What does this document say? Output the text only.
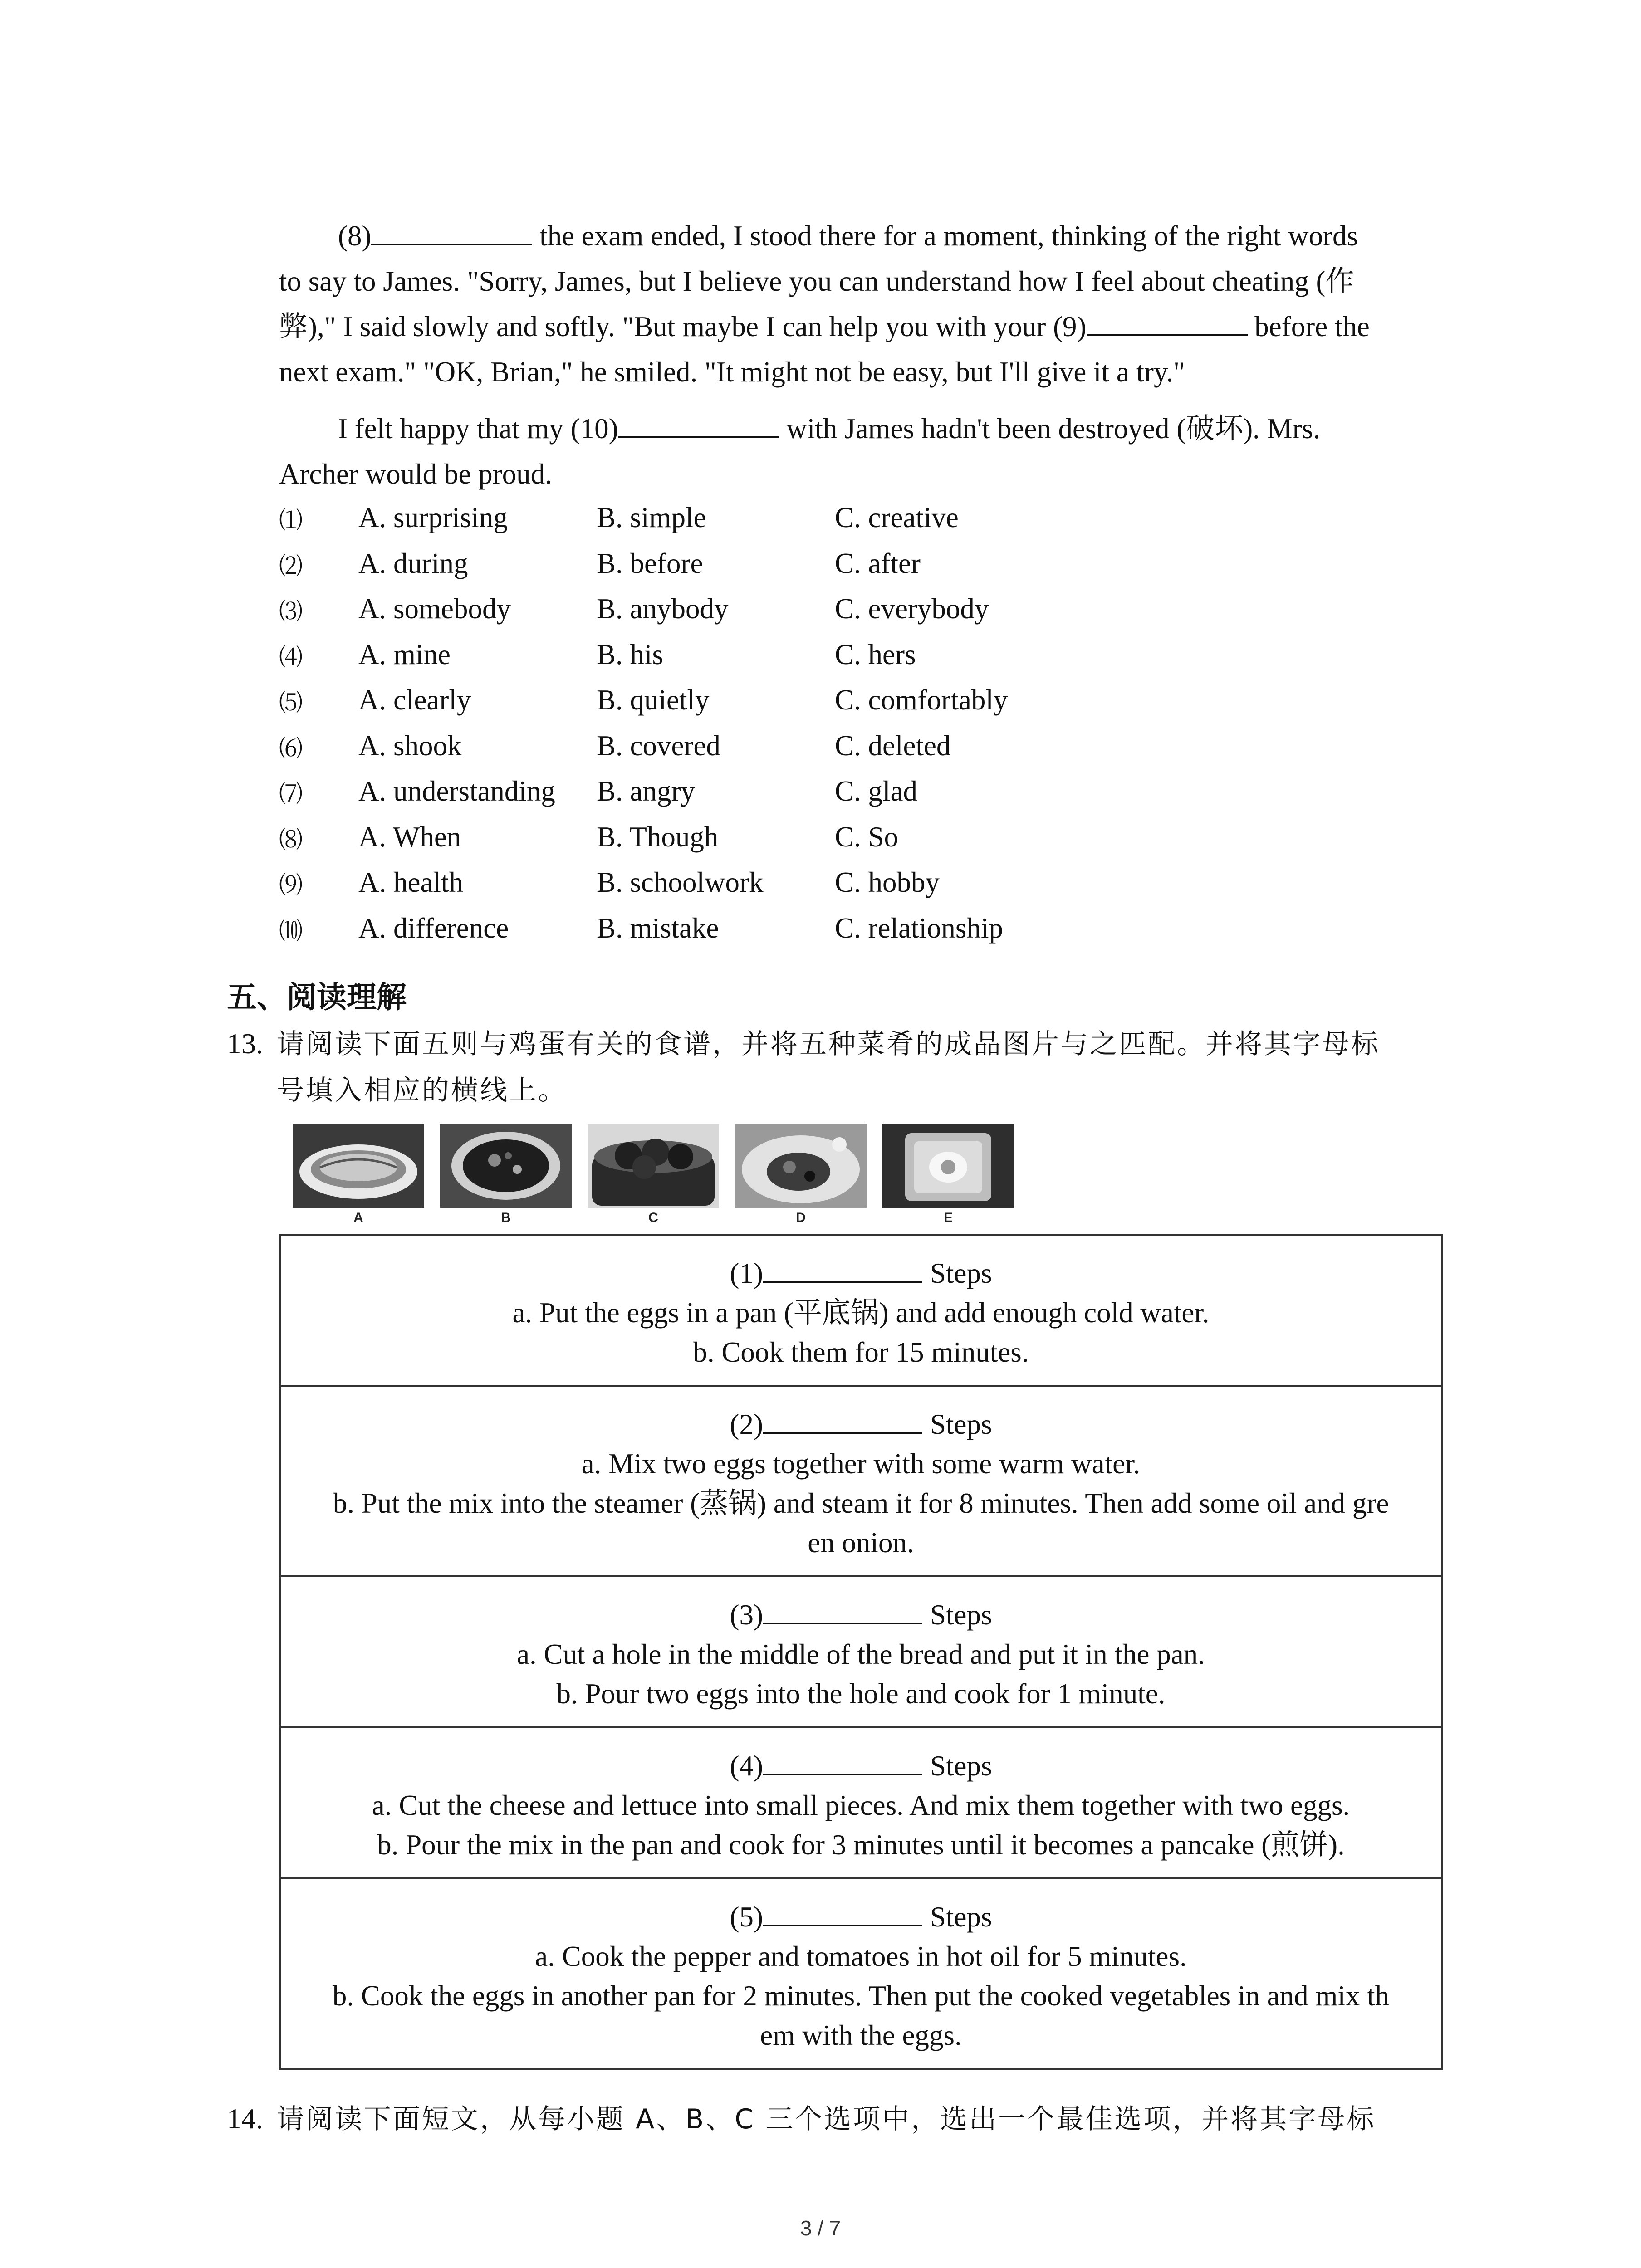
(8)	the exam ended, I stood there for a moment, thinking of the right words
to say to James. "Sorry, James, but I believe you can understand how I feel about cheating (作
弊)," I said slowly and softly. "But maybe I can help you with your (9)	before the
next exam." "OK, Brian," he smiled. "It might not be easy, but I'll give it a try."
I felt happy that my (10)	with James hadn't been destroyed (破坏). Mrs.
Archer would be proud.
⑴ A. surprising	B. simple	C. creative
⑵ A. during	B. before	C. after
⑶ A. somebody	B. anybody	C. everybody
⑷ A. mine	B. his	C. hers
⑸ A. clearly	B. quietly	C. comfortably
⑹ A. shook	B. covered	C. deleted
⑺ A. understanding B. angry	C. glad
⑻ A. When	B. Though	C. So
⑼ A. health	B. schoolwork	C. hobby
⑽ A. difference	B. mistake	C. relationship
五、阅读理解
13. 请阅读下面五则与鸡蛋有关的食谱，并将五种菜肴的成品图片与之匹配。并将其字母标
号填入相应的横线上。
A	B	C	D	E
(1)	Steps
a. Put the eggs in a pan (平底锅) and add enough cold water.
b. Cook them for 15 minutes.
(2)	Steps
a. Mix two eggs together with some warm water.
b. Put the mix into the steamer (蒸锅) and steam it for 8 minutes. Then add some oil and gre
en onion.
(3)	Steps
a. Cut a hole in the middle of the bread and put it in the pan.
b. Pour two eggs into the hole and cook for 1 minute.
(4)	Steps
a. Cut the cheese and lettuce into small pieces. And mix them together with two eggs.
b. Pour the mix in the pan and cook for 3 minutes until it becomes a pancake (煎饼).
(5)	Steps
a. Cook the pepper and tomatoes in hot oil for 5 minutes.
b. Cook the eggs in another pan for 2 minutes. Then put the cooked vegetables in and mix th
em with the eggs.
14. 请阅读下面短文，从每小题 A、B、C 三个选项中，选出一个最佳选项，并将其字母标
3 / 7
